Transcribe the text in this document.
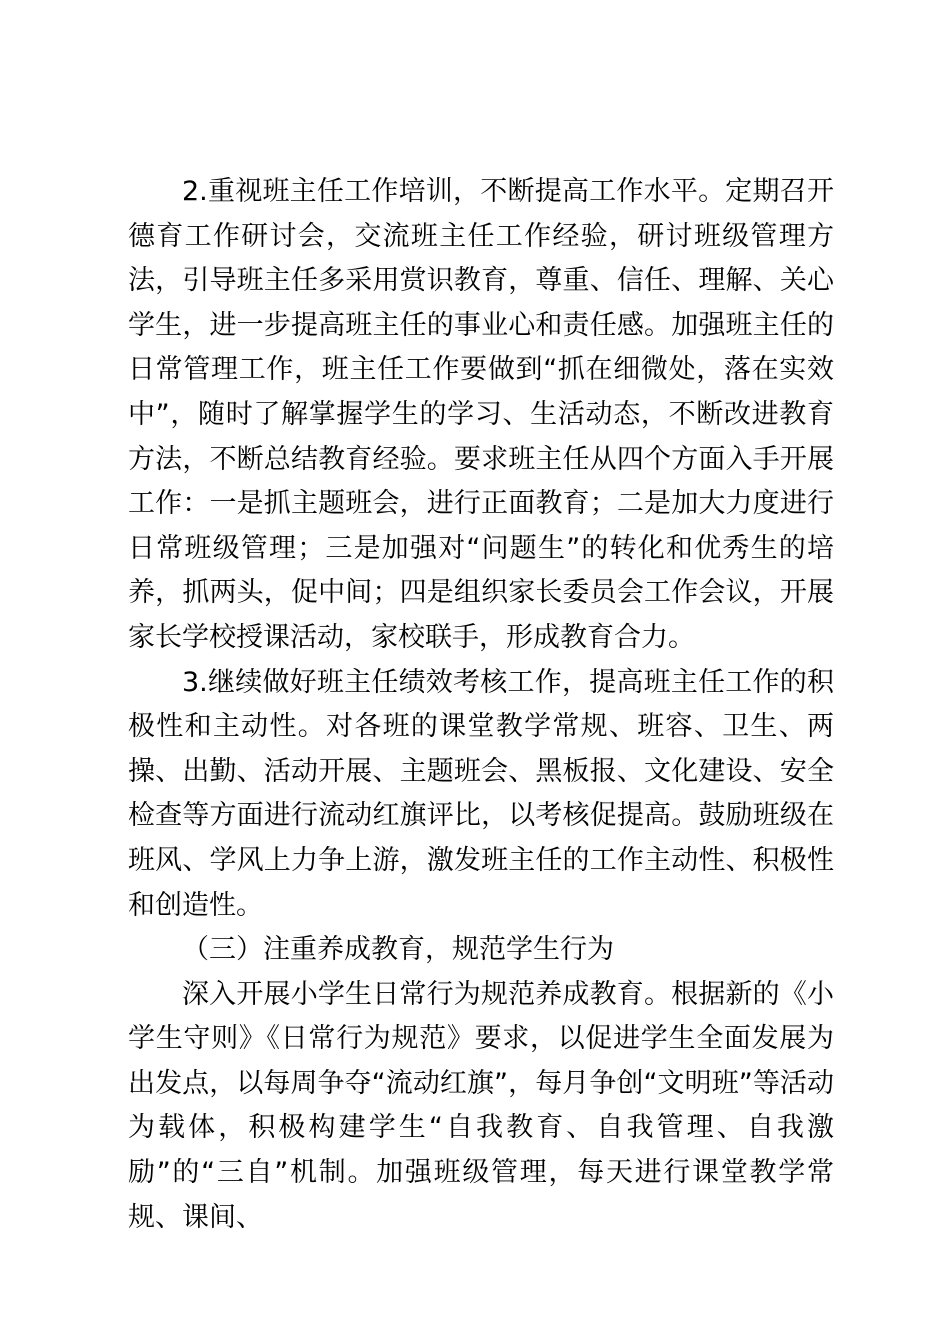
2.重视班主任工作培训，不断提高工作水平。定期召开德育工作研讨会，交流班主任工作经验，研讨班级管理方法，引导班主任多采用赏识教育，尊重、信任、理解、关心学生，进一步提高班主任的事业心和责任感。加强班主任的日常管理工作，班主任工作要做到“抓在细微处，落在实效中”，随时了解掌握学生的学习、生活动态，不断改进教育方法，不断总结教育经验。要求班主任从四个方面入手开展工作：一是抓主题班会，进行正面教育；二是加大力度进行日常班级管理；三是加强对“问题生”的转化和优秀生的培养，抓两头，促中间；四是组织家长委员会工作会议，开展家长学校授课活动，家校联手，形成教育合力。

3.继续做好班主任绩效考核工作，提高班主任工作的积极性和主动性。对各班的课堂教学常规、班容、卫生、两操、出勤、活动开展、主题班会、黑板报、文化建设、安全检查等方面进行流动红旗评比，以考核促提高。鼓励班级在班风、学风上力争上游，激发班主任的工作主动性、积极性和创造性。

（三）注重养成教育，规范学生行为

深入开展小学生日常行为规范养成教育。根据新的《小学生守则》《日常行为规范》要求，以促进学生全面发展为出发点，以每周争夺“流动红旗”，每月争创“文明班”等活动为载体，积极构建学生“自我教育、自我管理、自我激励”的“三自”机制。加强班级管理，每天进行课堂教学常规、课间、
